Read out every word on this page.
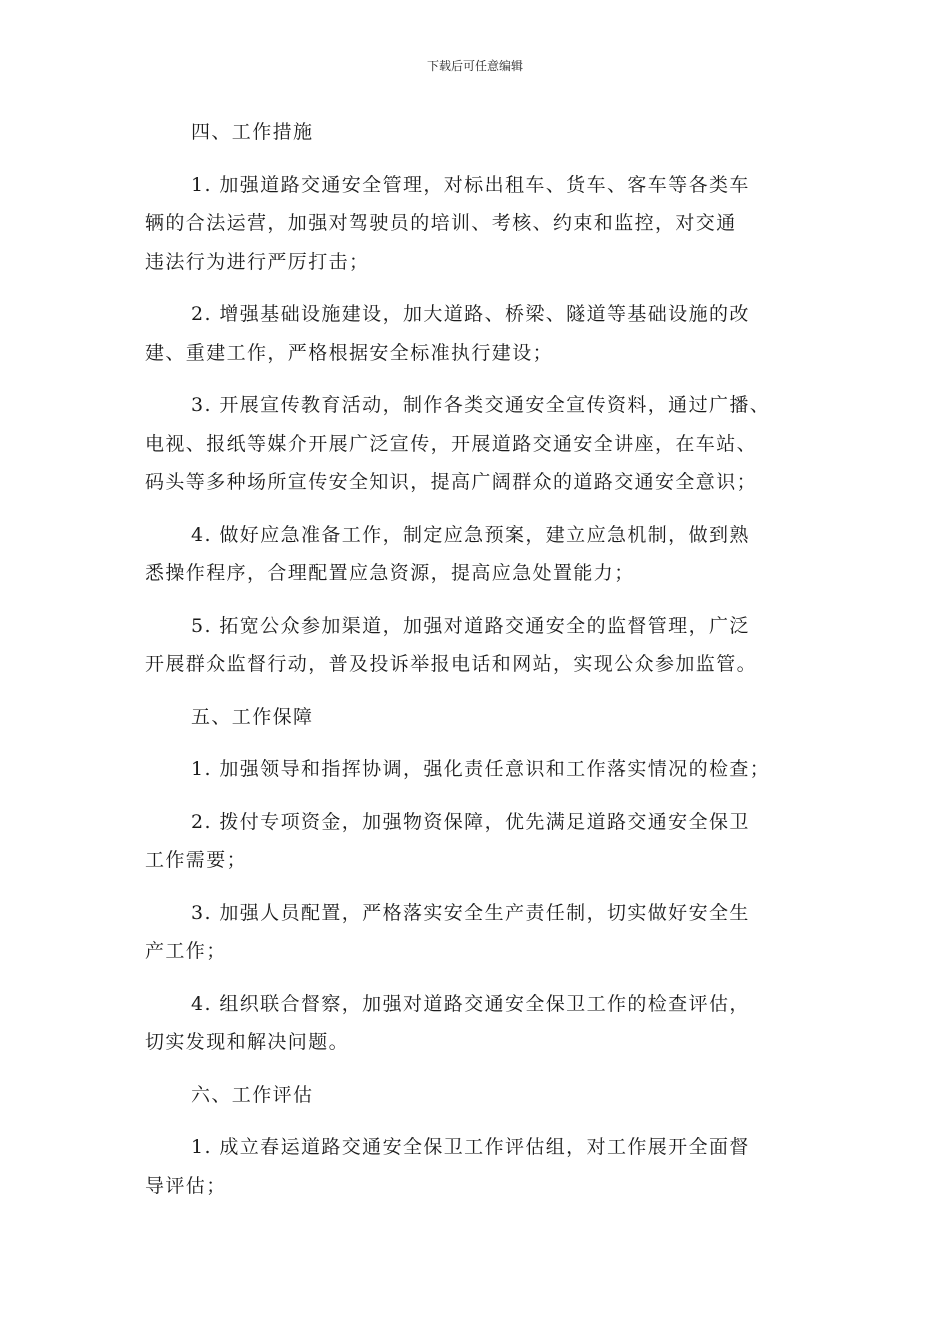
下载后可任意编辑
四、工作措施
1. 加强道路交通安全管理，对标出租车、货车、客车等各类车
辆的合法运营，加强对驾驶员的培训、考核、约束和监控，对交通
违法行为进行严厉打击；
2. 增强基础设施建设，加大道路、桥梁、隧道等基础设施的改
建、重建工作，严格根据安全标准执行建设；
3. 开展宣传教育活动，制作各类交通安全宣传资料，通过广播、
电视、报纸等媒介开展广泛宣传，开展道路交通安全讲座，在车站、
码头等多种场所宣传安全知识，提高广阔群众的道路交通安全意识；
4. 做好应急准备工作，制定应急预案，建立应急机制，做到熟
悉操作程序，合理配置应急资源，提高应急处置能力；
5. 拓宽公众参加渠道，加强对道路交通安全的监督管理，广泛
开展群众监督行动，普及投诉举报电话和网站，实现公众参加监管。
五、工作保障
1. 加强领导和指挥协调，强化责任意识和工作落实情况的检查；
2. 拨付专项资金，加强物资保障，优先满足道路交通安全保卫
工作需要；
3. 加强人员配置，严格落实安全生产责任制，切实做好安全生
产工作；
4. 组织联合督察，加强对道路交通安全保卫工作的检查评估，
切实发现和解决问题。
六、工作评估
1. 成立春运道路交通安全保卫工作评估组，对工作展开全面督
导评估；
